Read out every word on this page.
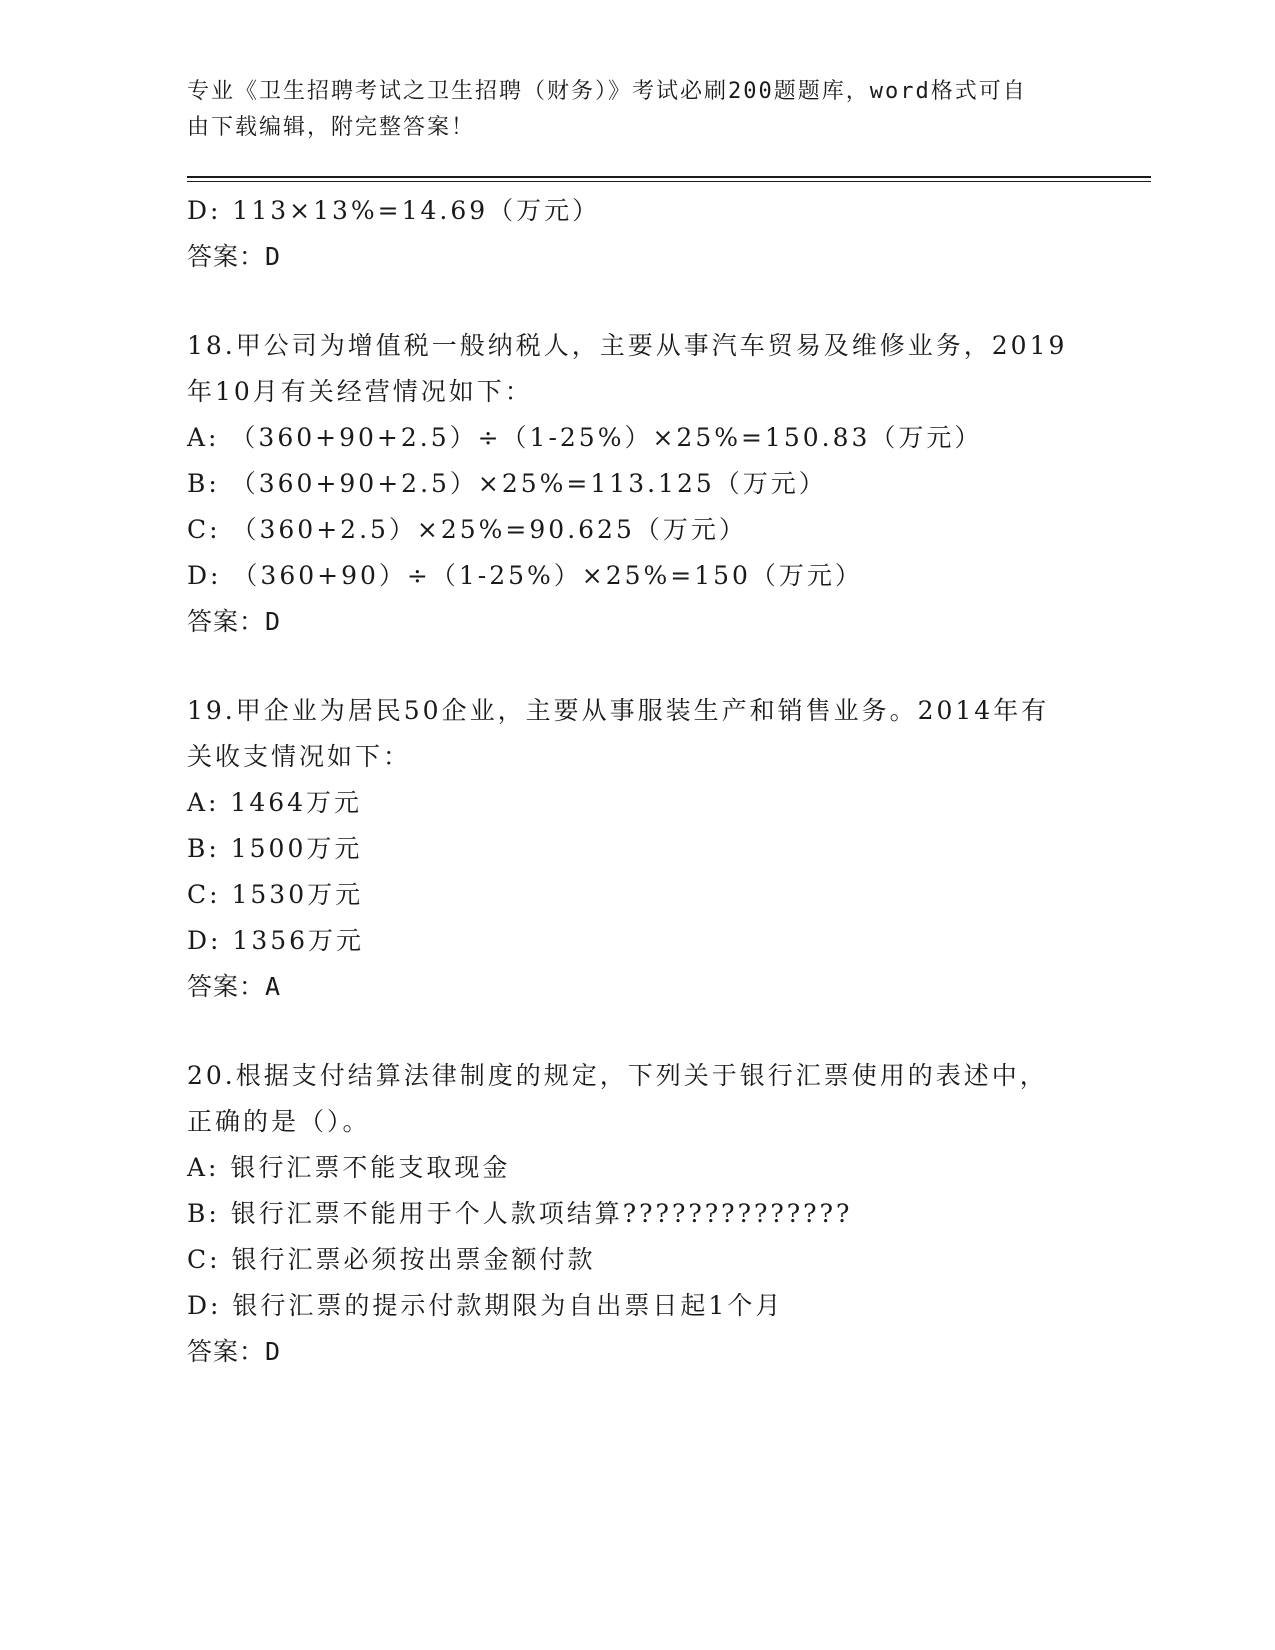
专业《卫生招聘考试之卫生招聘（财务）》考试必刷200题题库，word格式可自
由下载编辑，附完整答案！
D: 113×13%=14.69（万元）
答案：D
18.甲公司为增值税一般纳税人，主要从事汽车贸易及维修业务，2019
年10月有关经营情况如下：
A: （360+90+2.5）÷（1-25%）×25%=150.83（万元）
B: （360+90+2.5）×25%=113.125（万元）
C: （360+2.5）×25%=90.625（万元）
D: （360+90）÷（1-25%）×25%=150（万元）
答案：D
19.甲企业为居民50企业，主要从事服装生产和销售业务。2014年有
关收支情况如下：
A: 1464万元
B: 1500万元
C: 1530万元
D: 1356万元
答案：A
20.根据支付结算法律制度的规定，下列关于银行汇票使用的表述中，
正确的是（）。
A: 银行汇票不能支取现金
B: 银行汇票不能用于个人款项结算??????????????
C: 银行汇票必须按出票金额付款
D: 银行汇票的提示付款期限为自出票日起1个月
答案：D
